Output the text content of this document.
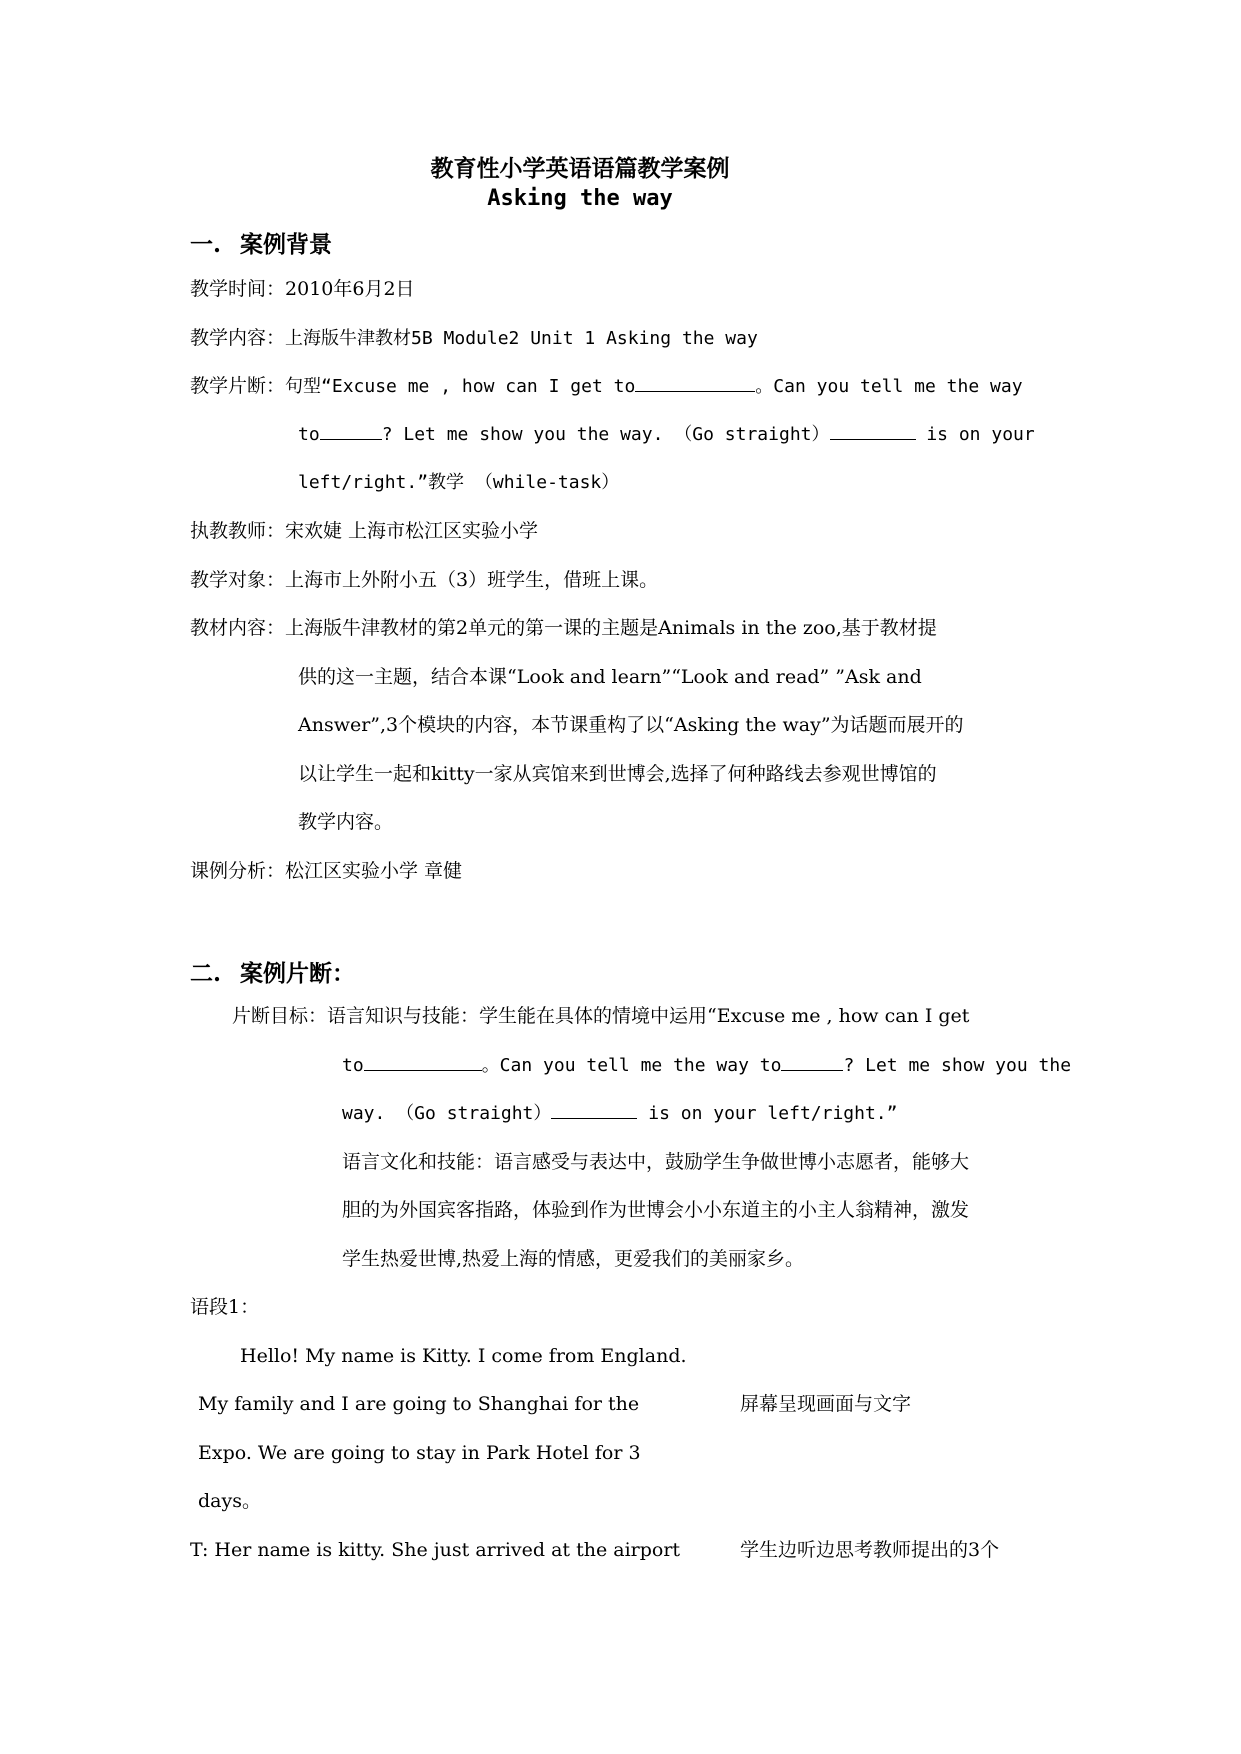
教育性小学英语语篇教学案例
Asking the way
一. 案例背景
教学时间：2010年6月2日
教学内容：上海版牛津教材5B Module2 Unit 1 Asking the way
教学片断：句型“Excuse me , how can I get to	。Can you tell me the way
to	? Let me show you the way. （Go straight）	is on your
left/right.”教学 （while-task）
执教教师：宋欢婕 上海市松江区实验小学
教学对象：上海市上外附小五（3）班学生，借班上课。
教材内容：上海版牛津教材的第2单元的第一课的主题是Animals in the zoo,基于教材提
供的这一主题，结合本课“Look and learn”“Look and read” ”Ask and
Answer”,3个模块的内容，本节课重构了以“Asking the way”为话题而展开的
以让学生一起和kitty一家从宾馆来到世博会,选择了何种路线去参观世博馆的
教学内容。
课例分析：松江区实验小学 章健
二. 案例片断：
片断目标：语言知识与技能：学生能在具体的情境中运用“Excuse me , how can I get
to	。Can you tell me the way to	? Let me show you the
way. （Go straight）	is on your left/right.”
语言文化和技能：语言感受与表达中，鼓励学生争做世博小志愿者，能够大
胆的为外国宾客指路，体验到作为世博会小小东道主的小主人翁精神，激发
学生热爱世博,热爱上海的情感，更爱我们的美丽家乡。
语段1：
Hello! My name is Kitty. I come from England.
My family and I are going to Shanghai for the	屏幕呈现画面与文字
Expo. We are going to stay in Park Hotel for 3
days。
T: Her name is kitty. She just arrived at the airport	学生边听边思考教师提出的3个
